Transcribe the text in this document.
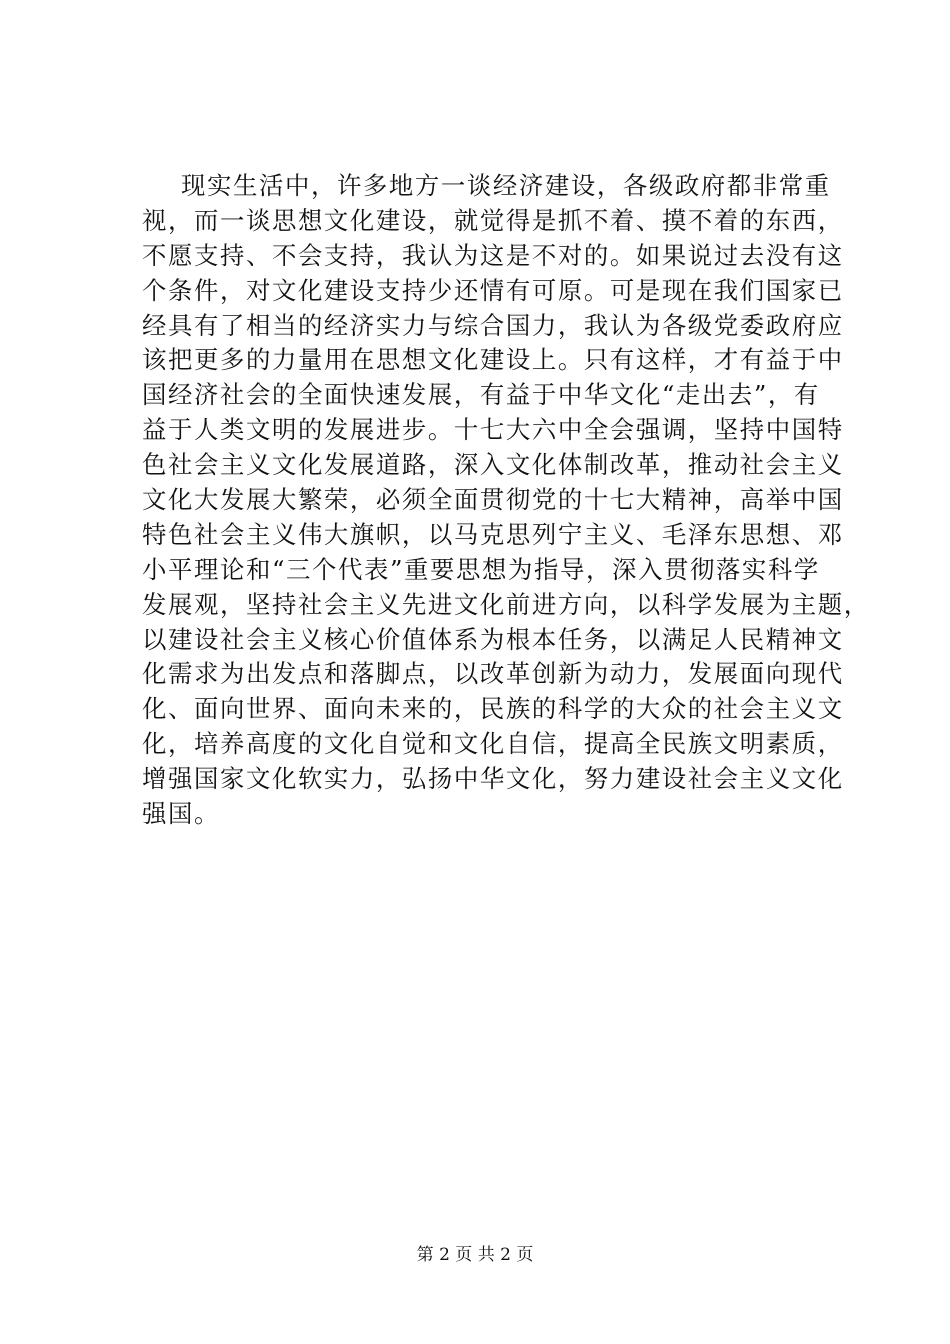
现实生活中，许多地方一谈经济建设，各级政府都非常重
视，而一谈思想文化建设，就觉得是抓不着、摸不着的东西，
不愿支持、不会支持，我认为这是不对的。如果说过去没有这
个条件，对文化建设支持少还情有可原。可是现在我们国家已
经具有了相当的经济实力与综合国力，我认为各级党委政府应
该把更多的力量用在思想文化建设上。只有这样，才有益于中
国经济社会的全面快速发展，有益于中华文化“走出去”，有
益于人类文明的发展进步。十七大六中全会强调，坚持中国特
色社会主义文化发展道路，深入文化体制改革，推动社会主义
文化大发展大繁荣，必须全面贯彻党的十七大精神，高举中国
特色社会主义伟大旗帜，以马克思列宁主义、毛泽东思想、邓
小平理论和“三个代表”重要思想为指导，深入贯彻落实科学
发展观，坚持社会主义先进文化前进方向，以科学发展为主题，
以建设社会主义核心价值体系为根本任务，以满足人民精神文
化需求为出发点和落脚点，以改革创新为动力，发展面向现代
化、面向世界、面向未来的，民族的科学的大众的社会主义文
化，培养高度的文化自觉和文化自信，提高全民族文明素质，
增强国家文化软实力，弘扬中华文化，努力建设社会主义文化
强国。
第 2 页 共 2 页
